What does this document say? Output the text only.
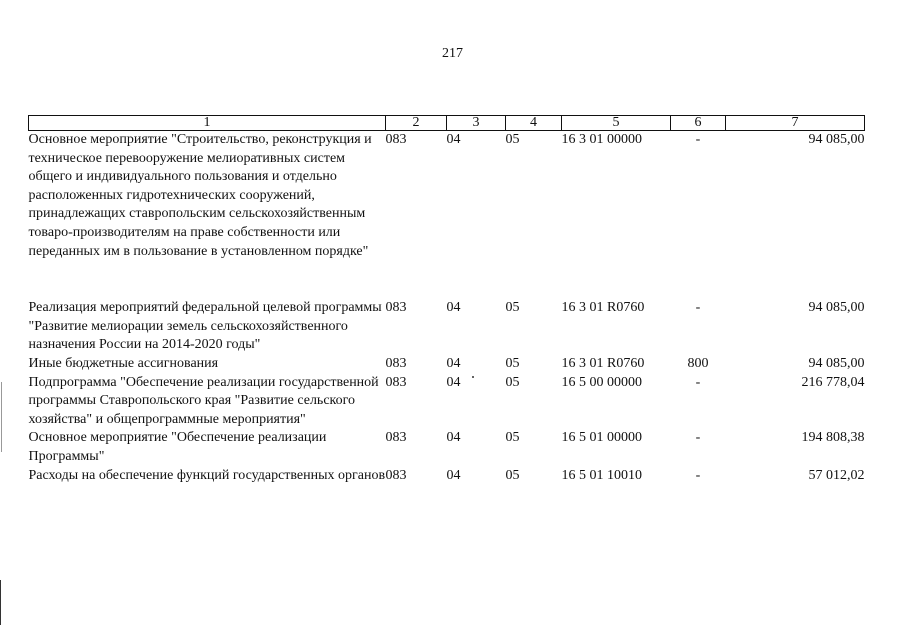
217
1	2	3	4	5	6	7
Основное мероприятие "Строительство, реконструкция и техническое перевооружение мелиоративных систем общего и индивидуального пользования и отдельно расположенных гидротехнических сооружений, принадлежащих ставропольским сельскохозяйственным товаро-производителям на праве собственности или переданных им в пользование в установленном порядке"	083	04	05	16 3 01 00000	-	94 085,00

Реализация мероприятий федеральной целевой программы "Развитие мелиорации земель сельскохозяйственного назначения России на 2014-2020 годы"	083	04	05	16 3 01 R0760	-	94 085,00
Иные бюджетные ассигнования	083	04	05	16 3 01 R0760	800	94 085,00
Подпрограмма "Обеспечение реализации государственной программы Ставропольского края "Развитие сельского хозяйства" и общепрограммные мероприятия"	083	04	05	16 5 00 00000	-	216 778,04
Основное мероприятие "Обеспечение реализации Программы"	083	04	05	16 5 01 00000	-	194 808,38
Расходы на обеспечение функций государственных органов	083	04	05	16 5 01 10010	-	57 012,02
